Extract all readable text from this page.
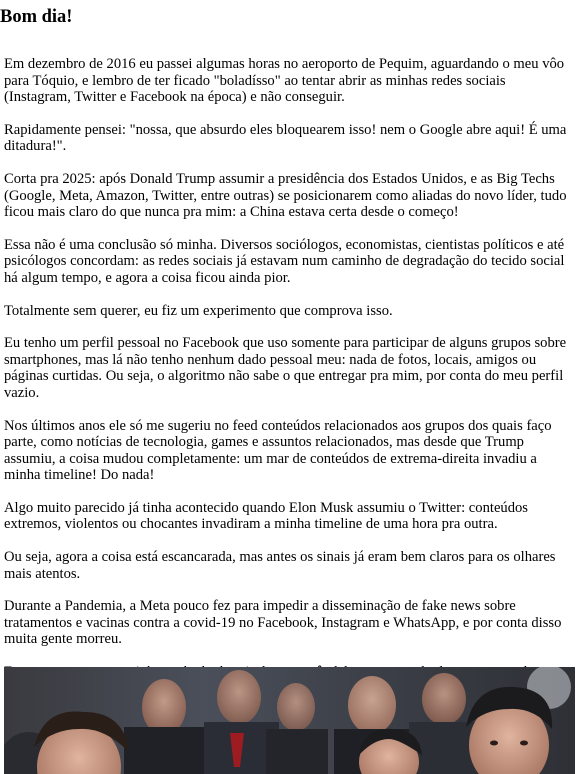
Bom dia!

Em dezembro de 2016 eu passei algumas horas no aeroporto de Pequim, aguardando o meu vôo para Tóquio, e lembro de ter ficado "boladísso" ao tentar abrir as minhas redes sociais (Instagram, Twitter e Facebook na época) e não conseguir.

Rapidamente pensei: "nossa, que absurdo eles bloquearem isso! nem o Google abre aqui! É uma ditadura!".

Corta pra 2025: após Donald Trump assumir a presidência dos Estados Unidos, e as Big Techs (Google, Meta, Amazon, Twitter, entre outras) se posicionarem como aliadas do novo líder, tudo ficou mais claro do que nunca pra mim: a China estava certa desde o começo!

Essa não é uma conclusão só minha. Diversos sociólogos, economistas, cientistas políticos e até psicólogos concordam: as redes sociais já estavam num caminho de degradação do tecido social há algum tempo, e agora a coisa ficou ainda pior.

Totalmente sem querer, eu fiz um experimento que comprova isso.

Eu tenho um perfil pessoal no Facebook que uso somente para participar de alguns grupos sobre smartphones, mas lá não tenho nenhum dado pessoal meu: nada de fotos, locais, amigos ou páginas curtidas. Ou seja, o algoritmo não sabe o que entregar pra mim, por conta do meu perfil vazio.

Nos últimos anos ele só me sugeriu no feed conteúdos relacionados aos grupos dos quais faço parte, como notícias de tecnologia, games e assuntos relacionados, mas desde que Trump assumiu, a coisa mudou completamente: um mar de conteúdos de extrema-direita invadiu a minha timeline! Do nada!

Algo muito parecido já tinha acontecido quando Elon Musk assumiu o Twitter: conteúdos extremos, violentos ou chocantes invadiram a minha timeline de uma hora pra outra.

Ou seja, agora a coisa está escancarada, mas antes os sinais já eram bem claros para os olhares mais atentos.

Durante a Pandemia, a Meta pouco fez para impedir a disseminação de fake news sobre tratamentos e vacinas contra a covid-19 no Facebook, Instagram e WhatsApp, e por conta disso muita gente morreu.
